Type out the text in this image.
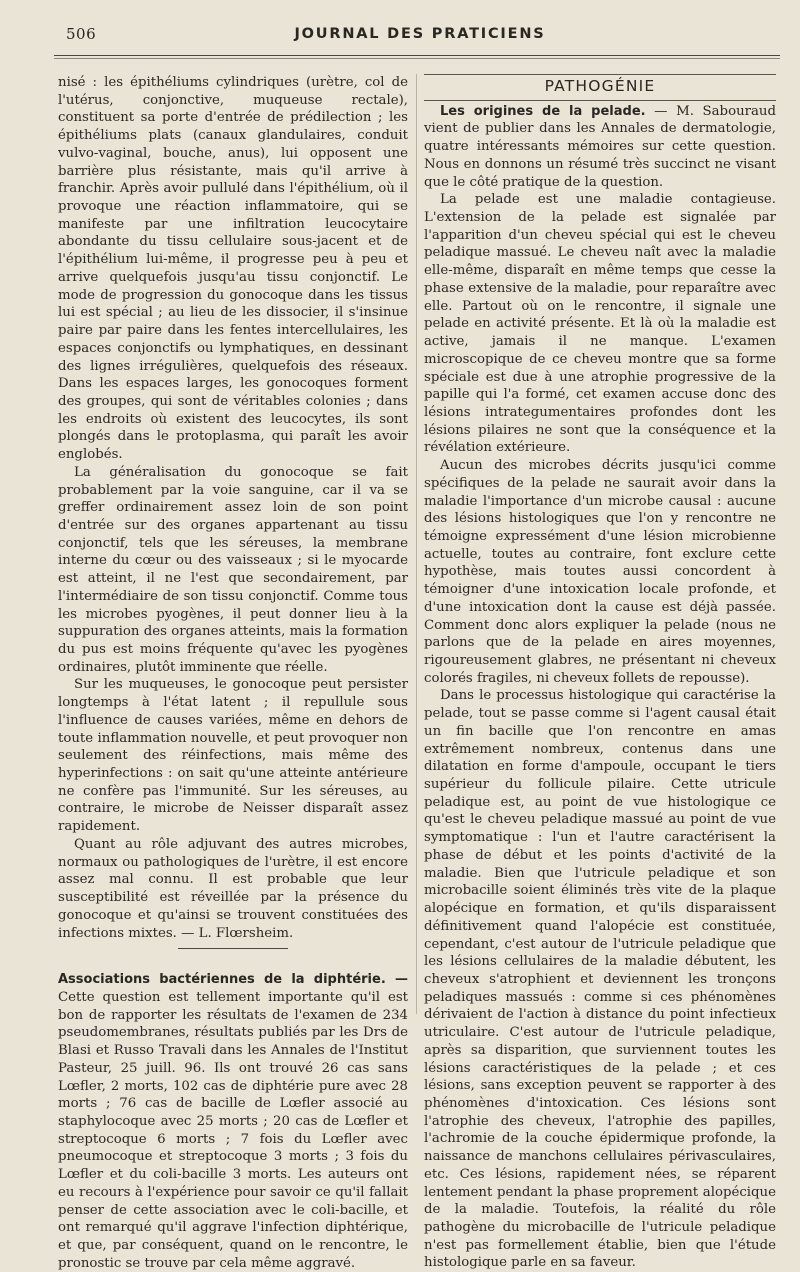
506	JOURNAL DES PRATICIENS

nisé : les épithéliums cylindriques (urètre, col de l'utérus, conjonctive, muqueuse rectale), constituent sa porte d'entrée de prédilection ; les épithéliums plats (canaux glandulaires, conduit vulvo-vaginal, bouche, anus), lui opposent une barrière plus résistante, mais qu'il arrive à franchir. Après avoir pullulé dans l'épithélium, où il provoque une réaction inflammatoire, qui se manifeste par une infiltration leucocytaire abondante du tissu cellulaire sous-jacent et de l'épithélium lui-même, il progresse peu à peu et arrive quelquefois jusqu'au tissu conjonctif. Le mode de progression du gonocoque dans les tissus lui est spécial ; au lieu de les dissocier, il s'insinue paire par paire dans les fentes intercellulaires, les espaces conjonctifs ou lymphatiques, en dessinant des lignes irrégulières, quelquefois des réseaux. Dans les espaces larges, les gonocoques forment des groupes, qui sont de véritables colonies ; dans les endroits où existent des leucocytes, ils sont plongés dans le protoplasma, qui paraît les avoir englobés.

La généralisation du gonocoque se fait probablement par la voie sanguine, car il va se greffer ordinairement assez loin de son point d'entrée sur des organes appartenant au tissu conjonctif, tels que les séreuses, la membrane interne du cœur ou des vaisseaux ; si le myocarde est atteint, il ne l'est que secondairement, par l'intermédiaire de son tissu conjonctif. Comme tous les microbes pyogènes, il peut donner lieu à la suppuration des organes atteints, mais la formation du pus est moins fréquente qu'avec les pyogènes ordinaires, plutôt imminente que réelle.

Sur les muqueuses, le gonocoque peut persister longtemps à l'état latent ; il repullule sous l'influence de causes variées, même en dehors de toute inflammation nouvelle, et peut provoquer non seulement des réinfections, mais même des hyperinfections : on sait qu'une atteinte antérieure ne confère pas l'immunité. Sur les séreuses, au contraire, le microbe de Neisser disparaît assez rapidement.

Quant au rôle adjuvant des autres microbes, normaux ou pathologiques de l'urètre, il est encore assez mal connu. Il est probable que leur susceptibilité est réveillée par la présence du gonocoque et qu'ainsi se trouvent constituées des infections mixtes. — L. Flœrsheim.

Associations bactériennes de la diphtérie. — Cette question est tellement importante qu'il est bon de rapporter les résultats de l'examen de 234 pseudomembranes, résultats publiés par les Drs de Blasi et Russo Travali dans les Annales de l'Institut Pasteur, 25 juill. 96. Ils ont trouvé 26 cas sans Lœfler, 2 morts, 102 cas de diphtérie pure avec 28 morts ; 76 cas de bacille de Lœfler associé au staphylocoque avec 25 morts ; 20 cas de Lœfler et streptocoque 6 morts ; 7 fois du Lœfler avec pneumocoque et streptocoque 3 morts ; 3 fois du Lœfler et du coli-bacille 3 morts. Les auteurs ont eu recours à l'expérience pour savoir ce qu'il fallait penser de cette association avec le coli-bacille, et ont remarqué qu'il aggrave l'infection diphtérique, et que, par conséquent, quand on le rencontre, le pronostic se trouve par cela même aggravé.

PATHOGÉNIE

Les origines de la pelade. — M. Sabouraud vient de publier dans les Annales de dermatologie, quatre intéressants mémoires sur cette question. Nous en donnons un résumé très succinct ne visant que le côté pratique de la question.

La pelade est une maladie contagieuse. L'extension de la pelade est signalée par l'apparition d'un cheveu spécial qui est le cheveu peladique massué. Le cheveu naît avec la maladie elle-même, disparaît en même temps que cesse la phase extensive de la maladie, pour reparaître avec elle. Partout où on le rencontre, il signale une pelade en activité présente. Et là où la maladie est active, jamais il ne manque. L'examen microscopique de ce cheveu montre que sa forme spéciale est due à une atrophie progressive de la papille qui l'a formé, cet examen accuse donc des lésions intrategumentaires profondes dont les lésions pilaires ne sont que la conséquence et la révélation extérieure.

Aucun des microbes décrits jusqu'ici comme spécifiques de la pelade ne saurait avoir dans la maladie l'importance d'un microbe causal : aucune des lésions histologiques que l'on y rencontre ne témoigne expressément d'une lésion microbienne actuelle, toutes au contraire, font exclure cette hypothèse, mais toutes aussi concordent à témoigner d'une intoxication locale profonde, et d'une intoxication dont la cause est déjà passée. Comment donc alors expliquer la pelade (nous ne parlons que de la pelade en aires moyennes, rigoureusement glabres, ne présentant ni cheveux colorés fragiles, ni cheveux follets de repousse).

Dans le processus histologique qui caractérise la pelade, tout se passe comme si l'agent causal était un fin bacille que l'on rencontre en amas extrêmement nombreux, contenus dans une dilatation en forme d'ampoule, occupant le tiers supérieur du follicule pilaire. Cette utricule peladique est, au point de vue histologique ce qu'est le cheveu peladique massué au point de vue symptomatique : l'un et l'autre caractérisent la phase de début et les points d'activité de la maladie. Bien que l'utricule peladique et son microbacille soient éliminés très vite de la plaque alopécique en formation, et qu'ils disparaissent définitivement quand l'alopécie est constituée, cependant, c'est autour de l'utricule peladique que les lésions cellulaires de la maladie débutent, les cheveux s'atrophient et deviennent les tronçons peladiques massués : comme si ces phénomènes dérivaient de l'action à distance du point infectieux utriculaire. C'est autour de l'utricule peladique, après sa disparition, que surviennent toutes les lésions caractéristiques de la pelade ; et ces lésions, sans exception peuvent se rapporter à des phénomènes d'intoxication. Ces lésions sont l'atrophie des cheveux, l'atrophie des papilles, l'achromie de la couche épidermique profonde, la naissance de manchons cellulaires périvasculaires, etc. Ces lésions, rapidement nées, se réparent lentement pendant la phase proprement alopécique de la maladie. Toutefois, la réalité du rôle pathogène du microbacille de l'utricule peladique n'est pas formellement établie, bien que l'étude histologique parle en sa faveur.
